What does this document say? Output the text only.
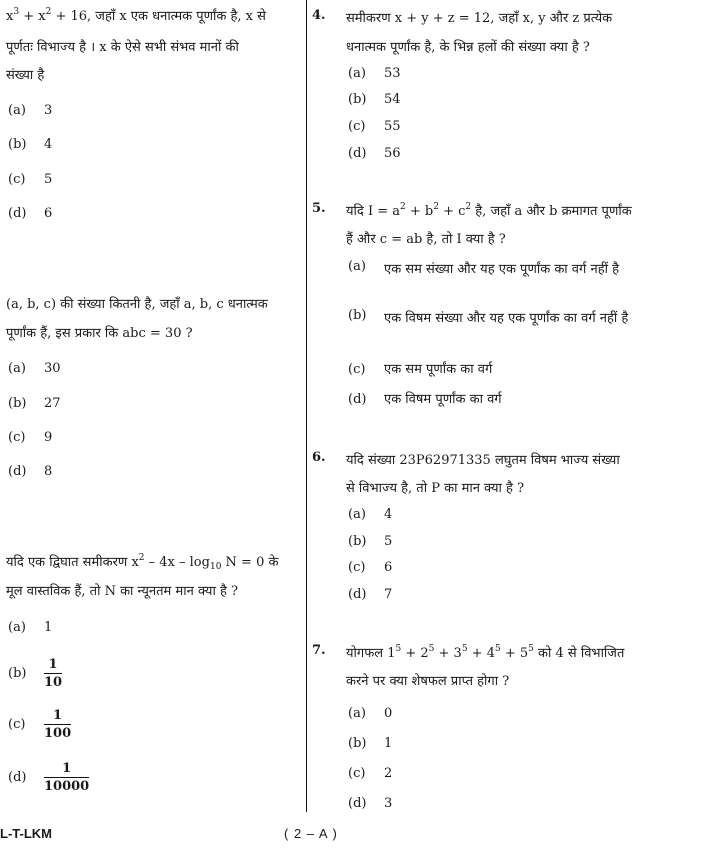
$x^3 + x^2 + 16$, जहाँ x एक धनात्मक पूर्णांक है, x से
पूर्णतः विभाज्य है । x के ऐसे सभी संभव मानों की
संख्या है
(a) 3
(b) 4
(c) 5
(d) 6
(a, b, c) की संख्या कितनी है, जहाँ a, b, c धनात्मक
पूर्णांक हैं, इस प्रकार कि abc = 30 ?
(a) 30
(b) 27
(c) 9
(d) 8
यदि एक द्विघात समीकरण $x^2 - 4x - \log_{10} N = 0$ के
मूल वास्तविक हैं, तो N का न्यूनतम मान क्या है ?
(a) 1
$(b) \frac{1}{10}$
$(c) \frac{1}{100}$
$(d) \frac{1}{10000}$
4. समीकरण x + y + z = 12, जहाँ x, y और z प्रत्येक
धनात्मक पूर्णांक है, के भिन्न हलों की संख्या क्या है ?
(a) 53
(b) 54
(c) 55
(d) 56
5. यदि $I = a^2 + b^2 + c^2$ है, जहाँ a और b क्रमागत पूर्णांक
हैं और c = ab है, तो I क्या है ?
(a) एक सम संख्या और यह एक पूर्णांक का वर्ग नहीं है
(b) एक विषम संख्या और यह एक पूर्णांक का वर्ग नहीं है
(c) एक सम पूर्णांक का वर्ग
(d) एक विषम पूर्णांक का वर्ग
6. यदि संख्या 23P62971335 लघुतम विषम भाज्य संख्या
से विभाज्य है, तो P का मान क्या है ?
(a) 4
(b) 5
(c) 6
(d) 7
7. योगफल $1^5 + 2^5 + 3^5 + 4^5 + 5^5$ को 4 से विभाजित
करने पर क्या शेषफल प्राप्त होगा ?
(a) 0
(b) 1
(c) 2
(d) 3
L-T-LKM	( 2 – A )
